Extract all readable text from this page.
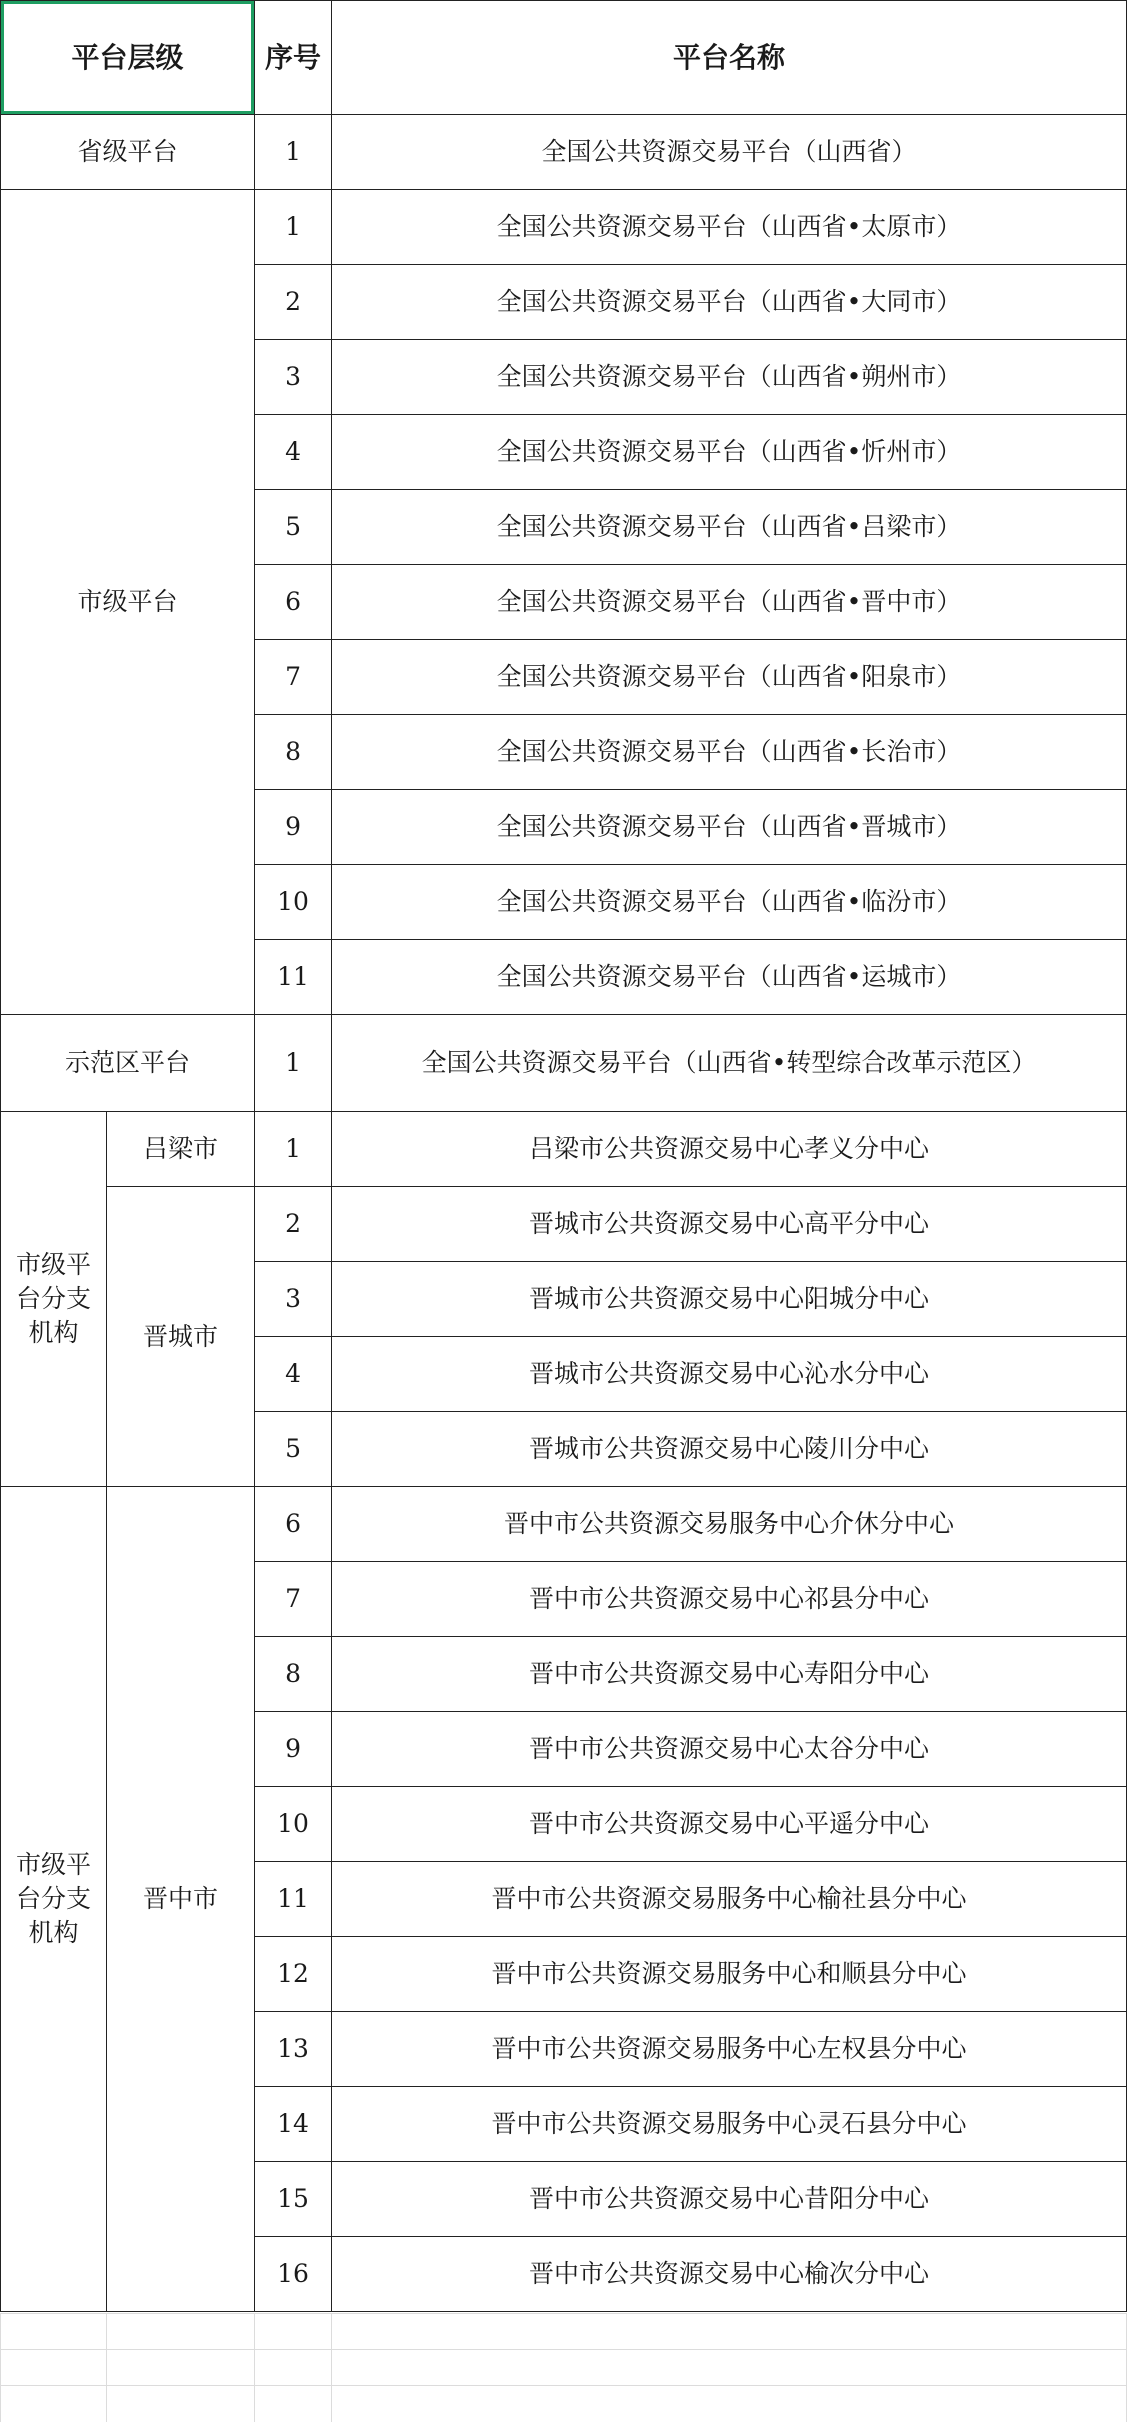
平台层级		序号	平台名称
省级平台		1	全国公共资源交易平台（山西省）
市级平台		1	全国公共资源交易平台（山西省•太原市）
		2	全国公共资源交易平台（山西省•大同市）
		3	全国公共资源交易平台（山西省•朔州市）
		4	全国公共资源交易平台（山西省•忻州市）
		5	全国公共资源交易平台（山西省•吕梁市）
		6	全国公共资源交易平台（山西省•晋中市）
		7	全国公共资源交易平台（山西省•阳泉市）
		8	全国公共资源交易平台（山西省•长治市）
		9	全国公共资源交易平台（山西省•晋城市）
		10	全国公共资源交易平台（山西省•临汾市）
		11	全国公共资源交易平台（山西省•运城市）
示范区平台		1	全国公共资源交易平台（山西省•转型综合改革示范区）
市级平台分支机构	吕梁市	1	吕梁市公共资源交易中心孝义分中心
	晋城市	2	晋城市公共资源交易中心高平分中心
		3	晋城市公共资源交易中心阳城分中心
		4	晋城市公共资源交易中心沁水分中心
		5	晋城市公共资源交易中心陵川分中心
市级平台分支机构	晋中市	6	晋中市公共资源交易服务中心介休分中心
		7	晋中市公共资源交易中心祁县分中心
		8	晋中市公共资源交易中心寿阳分中心
		9	晋中市公共资源交易中心太谷分中心
		10	晋中市公共资源交易中心平遥分中心
		11	晋中市公共资源交易服务中心榆社县分中心
		12	晋中市公共资源交易服务中心和顺县分中心
		13	晋中市公共资源交易服务中心左权县分中心
		14	晋中市公共资源交易服务中心灵石县分中心
		15	晋中市公共资源交易中心昔阳分中心
		16	晋中市公共资源交易中心榆次分中心
